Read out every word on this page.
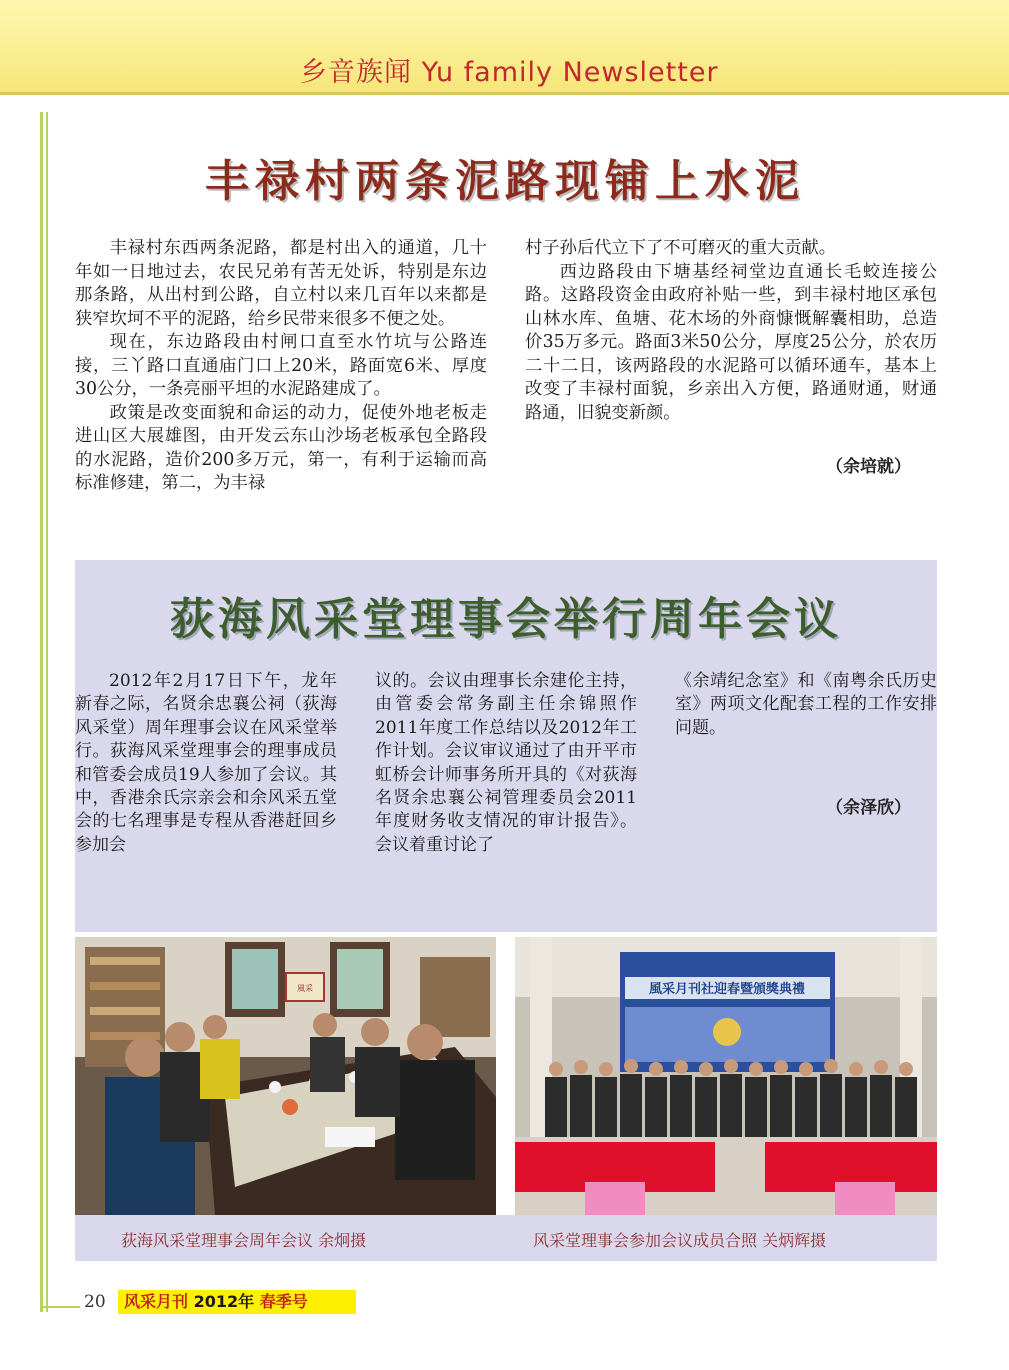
乡音族闻 Yu family Newsletter
丰禄村两条泥路现铺上水泥

丰禄村东西两条泥路，都是村出入的通道，几十年如一日地过去，农民兄弟有苦无处诉，特别是东边那条路，从出村到公路，自立村以来几百年以来都是狭窄坎坷不平的泥路，给乡民带来很多不便之处。

现在，东边路段由村闸口直至水竹坑与公路连接，三丫路口直通庙门口上20米，路面宽6米、厚度30公分，一条亮丽平坦的水泥路建成了。

政策是改变面貌和命运的动力，促使外地老板走进山区大展雄图，由开发云东山沙场老板承包全路段的水泥路，造价200多万元，第一，有利于运输而高标准修建，第二，为丰禄

村子孙后代立下了不可磨灭的重大贡献。

西边路段由下塘基经祠堂边直通长毛蛟连接公路。这路段资金由政府补贴一些，到丰禄村地区承包山林水库、鱼塘、花木场的外商慷慨解囊相助，总造价35万多元。路面3米50公分，厚度25公分，於农历二十二日，该两路段的水泥路可以循环通车，基本上改变了丰禄村面貌，乡亲出入方便，路通财通，财通路通，旧貌变新颜。

（余培就）
荻海风采堂理事会举行周年会议

2012年2月17日下午，龙年新春之际，名贤余忠襄公祠（荻海风采堂）周年理事会议在风采堂举行。荻海风采堂理事会的理事成员和管委会成员19人参加了会议。其中，香港余氏宗亲会和余风采五堂会的七名理事是专程从香港赶回乡参加会

议的。会议由理事长余建伦主持，由管委会常务副主任余锦照作2011年度工作总结以及2012年工作计划。会议审议通过了由开平市虹桥会计师事务所开具的《对荻海名贤余忠襄公祠管理委员会2011年度财务收支情况的审计报告》。会议着重讨论了

《余靖纪念室》和《南粤余氏历史室》两项文化配套工程的工作安排问题。

（余泽欣）
風采	風采月刊社迎春暨頒獎典禮
荻海风采堂理事会周年会议 余炯摄	风采堂理事会参加会议成员合照 关炳辉摄
20	风采月刊 2012年 春季号
